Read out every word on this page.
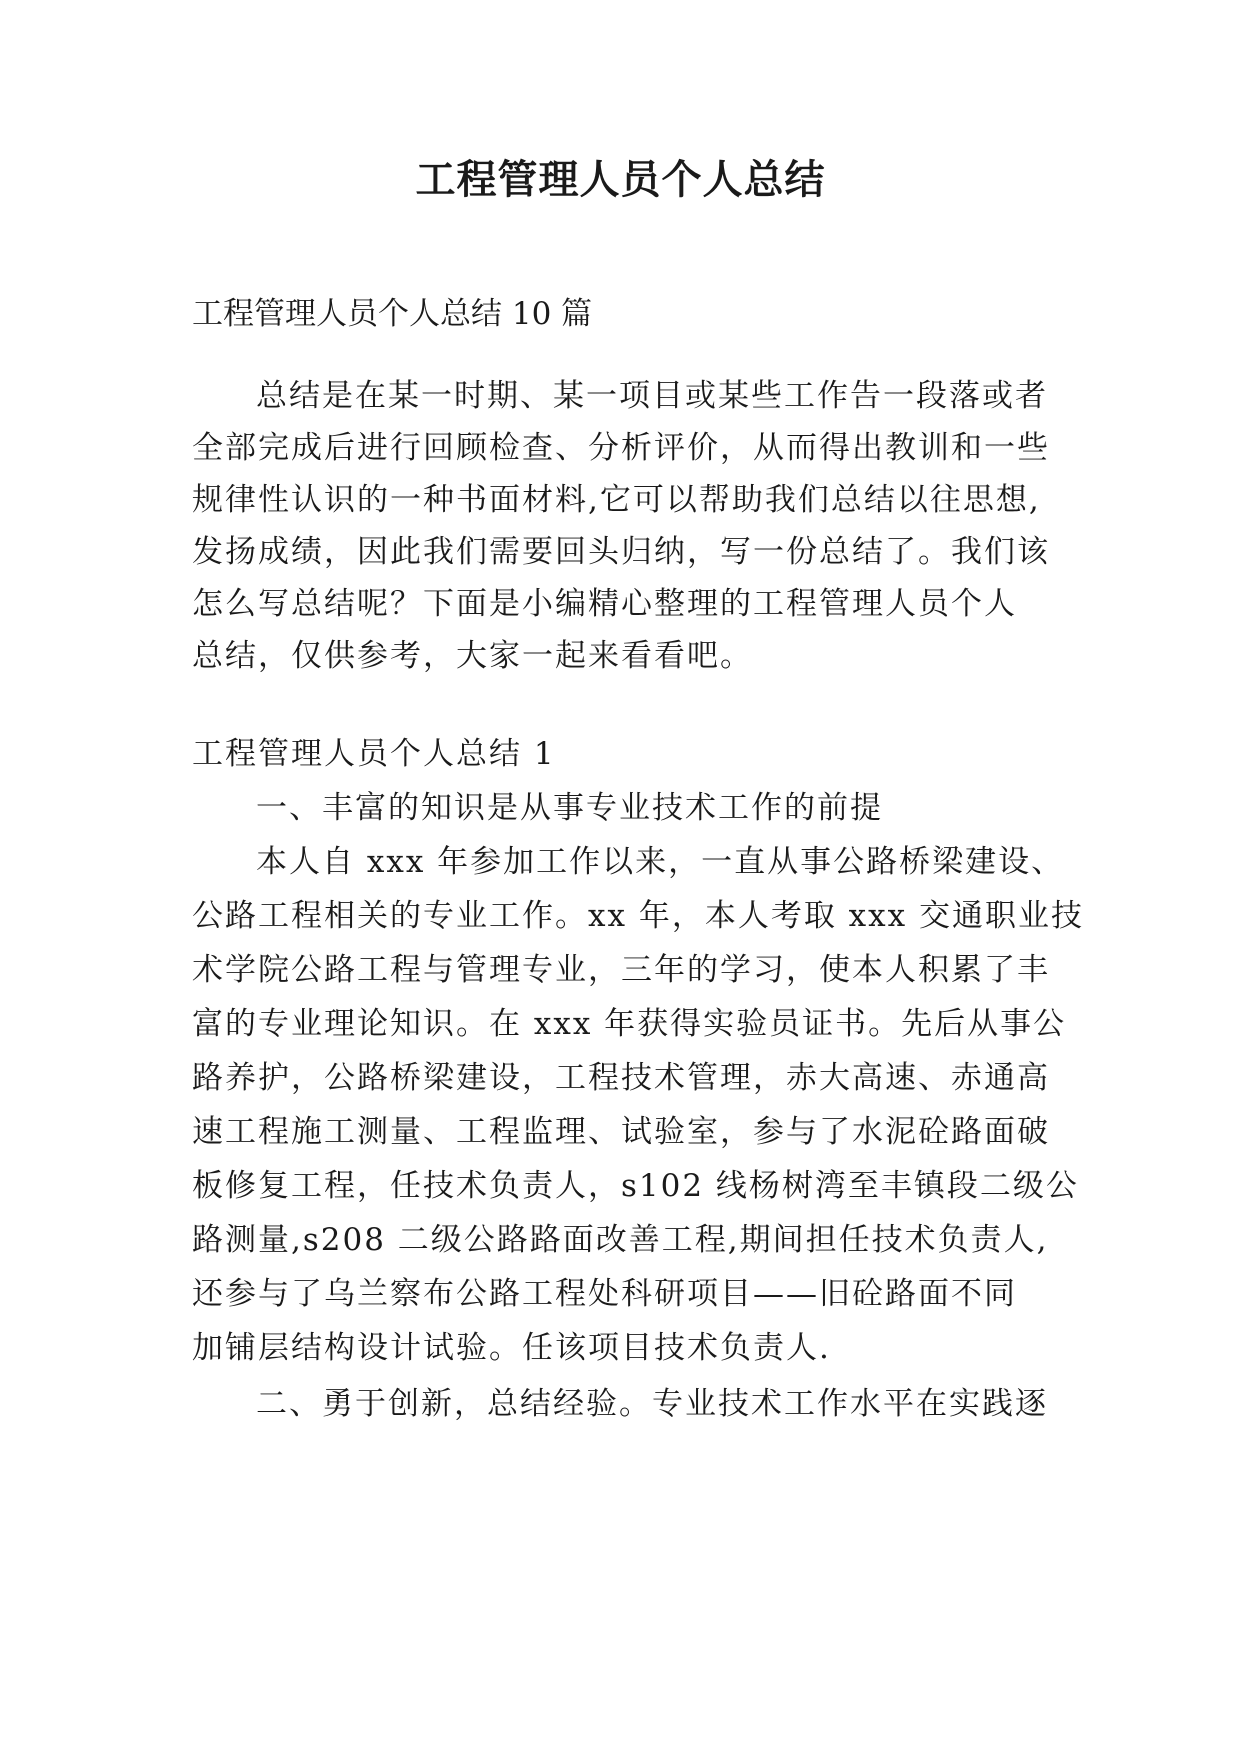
工程管理人员个人总结

工程管理人员个人总结 10 篇

总结是在某一时期、某一项目或某些工作告一段落或者

全部完成后进行回顾检查、分析评价，从而得出教训和一些

规律性认识的一种书面材料,它可以帮助我们总结以往思想,

发扬成绩，因此我们需要回头归纳，写一份总结了。我们该

怎么写总结呢？下面是小编精心整理的工程管理人员个人

总结，仅供参考，大家一起来看看吧。

工程管理人员个人总结 1

一、丰富的知识是从事专业技术工作的前提

本人自 xxx 年参加工作以来，一直从事公路桥梁建设、

公路工程相关的专业工作。xx 年，本人考取 xxx 交通职业技

术学院公路工程与管理专业，三年的学习，使本人积累了丰

富的专业理论知识。在 xxx 年获得实验员证书。先后从事公

路养护，公路桥梁建设，工程技术管理，赤大高速、赤通高

速工程施工测量、工程监理、试验室，参与了水泥砼路面破

板修复工程，任技术负责人，s102 线杨树湾至丰镇段二级公

路测量,s208 二级公路路面改善工程,期间担任技术负责人,

还参与了乌兰察布公路工程处科研项目——旧砼路面不同

加铺层结构设计试验。任该项目技术负责人.

二、勇于创新，总结经验。专业技术工作水平在实践逐
